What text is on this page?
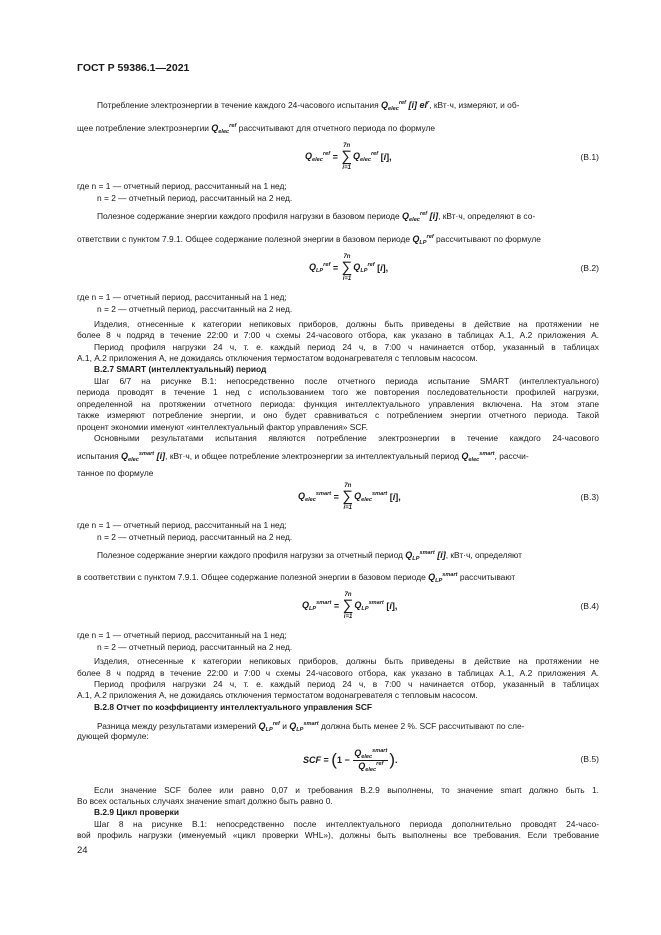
ГОСТ Р 59386.1—2021
Потребление электроэнергии в течение каждого 24-часового испытания $Q_{elec}^{ref}$ [i] $el^r$, кВт·ч, измеряют, и об-
щее потребление электроэнергии $Q_{elec}^{ref}$ рассчитывают для отчетного периода по формуле
$Q_{elec}^{ref}$ =
7n
∑
i=1
$Q_{elec}^{ref}$ [ i ],	(В.1)
где n = 1 — отчетный период, рассчитанный на 1 нед;
n = 2 — отчетный период, рассчитанный на 2 нед.
Полезное содержание энергии каждого профиля нагрузки в базовом периоде $Q_{elec}^{ref}$ [i], кВт·ч, определяют в со-
ответствии с пунктом 7.9.1. Общее содержание полезной энергии в базовом периоде $Q_{LP}^{ref}$ рассчитывают по формуле
$Q_{LP}^{ref}$ =
7n
∑
i=1
$Q_{LP}^{ref}$ [ i ],	(В.2)
где n = 1 — отчетный период, рассчитанный на 1 нед;
n = 2 — отчетный период, рассчитанный на 2 нед.
Изделия, отнесенные к категории непиковых приборов, должны быть приведены в действие на протяжении не
более 8 ч подряд в течение 22:00 и 7:00 ч схемы 24-часового отбора, как указано в таблицах А.1, А.2 приложения А.
Период профиля нагрузки 24 ч, т. е. каждый период 24 ч, в 7:00 ч начинается отбор, указанный в таблицах
А.1, А.2 приложения А, не дожидаясь отключения термостатом водонагревателя с тепловым насосом.
В.2.7 SMART (интеллектуальный) период
Шаг 6/7 на рисунке В.1: непосредственно после отчетного периода испытание SMART (интеллектуального)
периода проводят в течение 1 нед с использованием того же повторения последовательности профилей нагрузки,
определенной на протяжении отчетного периода: функция интеллектуального управления включена. На этом этапе
также измеряют потребление энергии, и оно будет сравниваться с потреблением энергии отчетного периода. Такой
процент экономии именуют «интеллектуальный фактор управления» SCF.
Основными результатами испытания являются потребление электроэнергии в течение каждого 24-часового
испытания $Q_{elec}^{smart}$ [i], кВт·ч, и общее потребление электроэнергии за интеллектуальный период $Q_{elec}^{smart}$, рассчи-
танное по формуле
$Q_{elec}^{smart}$ =
7n
∑
i=1
$Q_{elec}^{smart}$ [ i ],	(В.3)
где n = 1 — отчетный период, рассчитанный на 1 нед;
n = 2 — отчетный период, рассчитанный на 2 нед.
Полезное содержание энергии каждого профиля нагрузки за отчетный период $Q_{LP}^{smart}$ [i], кВт·ч, определяют
в соответствии с пунктом 7.9.1. Общее содержание полезной энергии в базовом периоде $Q_{LP}^{smart}$ рассчитывают
$Q_{LP}^{smart}$ =
7n
∑
i=1
$Q_{LP}^{smart}$ [ i ],	(В.4)
где n = 1 — отчетный период, рассчитанный на 1 нед;
n = 2 — отчетный период, рассчитанный на 2 нед.
Изделия, отнесенные к категории непиковых приборов, должны быть приведены в действие на протяжении не
более 8 ч подряд в течение 22:00 и 7:00 ч схемы 24-часового отбора, как указано в таблицах А.1, А.2 приложения А.
Период профиля нагрузки 24 ч, т. е. каждый период 24 ч, в 7:00 ч начинается отбор, указанный в таблицах
А.1, А.2 приложения А, не дожидаясь отключения термостатом водонагревателя с тепловым насосом.
В.2.8 Отчет по коэффициенту интеллектуального управления SCF
Разница между результатами измерений $Q_{LP}^{ref}$ и $Q_{LP}^{smart}$ должна быть менее 2 %. SCF рассчитывают по сле-
дующей формуле:
SCF = ( $1 - \frac{Q_{elec}^{smart}}{Q_{elec}^{ref}}$ ) .	(В.5)
Если значение SCF более или равно 0,07 и требования В.2.9 выполнены, то значение smart должно быть 1.
Во всех остальных случаях значение smart должно быть равно 0.
В.2.9 Цикл проверки
Шаг 8 на рисунке В.1: непосредственно после интеллектуального периода дополнительно проводят 24-часо-
вой профиль нагрузки (именуемый «цикл проверки WHL»), должны быть выполнены все требования. Если требование
24
